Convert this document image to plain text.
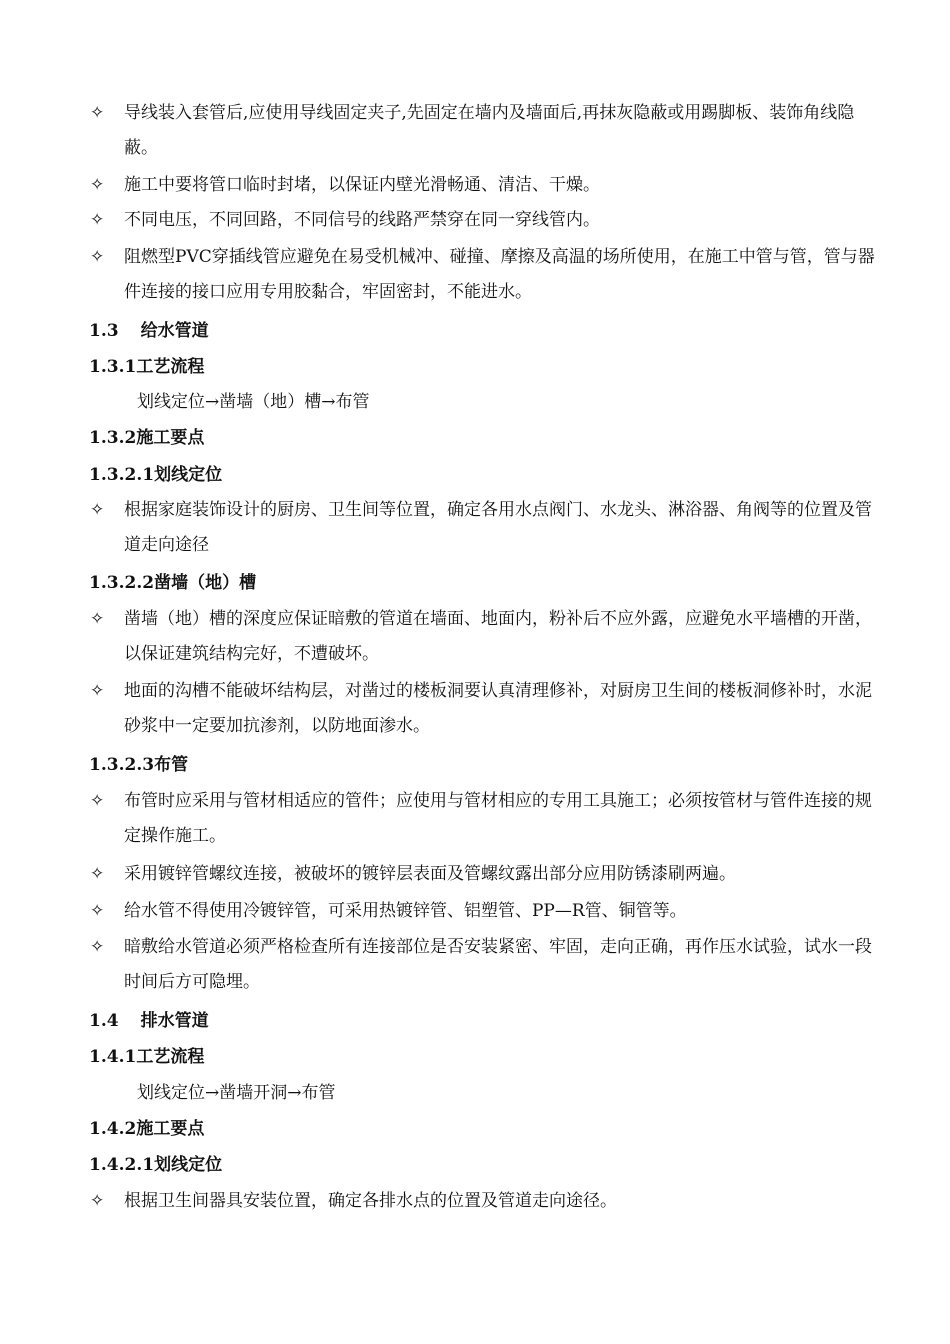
✧	导线装入套管后,应使用导线固定夹子,先固定在墙内及墙面后,再抹灰隐蔽或用踢脚板、装饰角线隐蔽。
✧	施工中要将管口临时封堵，以保证内壁光滑畅通、清洁、干燥。
✧	不同电压，不同回路，不同信号的线路严禁穿在同一穿线管内。
✧	阻燃型PVC穿插线管应避免在易受机械冲、碰撞、摩擦及高温的场所使用，在施工中管与管，管与器件连接的接口应用专用胶黏合，牢固密封，不能进水。
1.3 给水管道
1.3.1工艺流程
划线定位→凿墙（地）槽→布管
1.3.2施工要点
1.3.2.1划线定位
✧	根据家庭装饰设计的厨房、卫生间等位置，确定各用水点阀门、水龙头、淋浴器、角阀等的位置及管道走向途径
1.3.2.2凿墙（地）槽
✧	凿墙（地）槽的深度应保证暗敷的管道在墙面、地面内，粉补后不应外露，应避免水平墙槽的开凿，以保证建筑结构完好，不遭破坏。
✧	地面的沟槽不能破坏结构层，对凿过的楼板洞要认真清理修补，对厨房卫生间的楼板洞修补时，水泥砂浆中一定要加抗渗剂，以防地面渗水。
1.3.2.3布管
✧	布管时应采用与管材相适应的管件；应使用与管材相应的专用工具施工；必须按管材与管件连接的规定操作施工。
✧	采用镀锌管螺纹连接，被破坏的镀锌层表面及管螺纹露出部分应用防锈漆刷两遍。
✧	给水管不得使用冷镀锌管，可采用热镀锌管、铝塑管、PP—R管、铜管等。
✧	暗敷给水管道必须严格检查所有连接部位是否安装紧密、牢固，走向正确，再作压水试验，试水一段时间后方可隐埋。
1.4 排水管道
1.4.1工艺流程
划线定位→凿墙开洞→布管
1.4.2施工要点
1.4.2.1划线定位
✧	根据卫生间器具安装位置，确定各排水点的位置及管道走向途径。
